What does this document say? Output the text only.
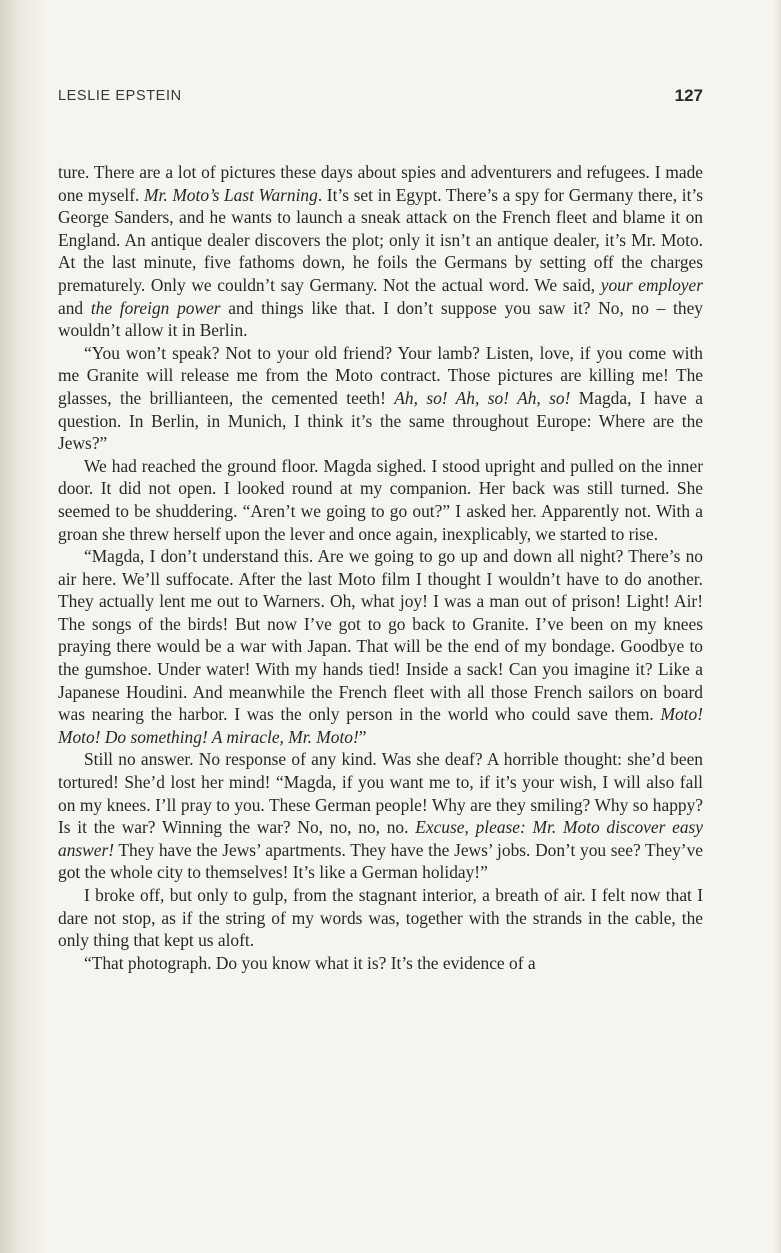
LESLIE EPSTEIN	127

ture. There are a lot of pictures these days about spies and adventurers and refugees. I made one myself. Mr. Moto’s Last Warning. It’s set in Egypt. There’s a spy for Germany there, it’s George Sanders, and he wants to launch a sneak attack on the French fleet and blame it on England. An antique dealer discovers the plot; only it isn’t an antique dealer, it’s Mr. Moto. At the last minute, five fathoms down, he foils the Germans by setting off the charges prematurely. Only we couldn’t say Germany. Not the actual word. We said, your employer and the foreign power and things like that. I don’t suppose you saw it? No, no – they wouldn’t allow it in Berlin.

“You won’t speak? Not to your old friend? Your lamb? Listen, love, if you come with me Granite will release me from the Moto contract. Those pictures are killing me! The glasses, the brillianteen, the cemented teeth! Ah, so! Ah, so! Ah, so! Magda, I have a question. In Berlin, in Munich, I think it’s the same throughout Europe: Where are the Jews?”

We had reached the ground floor. Magda sighed. I stood upright and pulled on the inner door. It did not open. I looked round at my companion. Her back was still turned. She seemed to be shuddering. “Aren’t we going to go out?” I asked her. Apparently not. With a groan she threw herself upon the lever and once again, inexplicably, we started to rise.

“Magda, I don’t understand this. Are we going to go up and down all night? There’s no air here. We’ll suffocate. After the last Moto film I thought I wouldn’t have to do another. They actually lent me out to Warners. Oh, what joy! I was a man out of prison! Light! Air! The songs of the birds! But now I’ve got to go back to Granite. I’ve been on my knees praying there would be a war with Japan. That will be the end of my bondage. Goodbye to the gumshoe. Under water! With my hands tied! Inside a sack! Can you imagine it? Like a Japanese Houdini. And meanwhile the French fleet with all those French sailors on board was nearing the harbor. I was the only person in the world who could save them. Moto! Moto! Do something! A miracle, Mr. Moto!”

Still no answer. No response of any kind. Was she deaf? A horrible thought: she’d been tortured! She’d lost her mind! “Magda, if you want me to, if it’s your wish, I will also fall on my knees. I’ll pray to you. These German people! Why are they smiling? Why so happy? Is it the war? Winning the war? No, no, no, no. Excuse, please: Mr. Moto discover easy answer! They have the Jews’ apartments. They have the Jews’ jobs. Don’t you see? They’ve got the whole city to themselves! It’s like a German holiday!”

I broke off, but only to gulp, from the stagnant interior, a breath of air. I felt now that I dare not stop, as if the string of my words was, together with the strands in the cable, the only thing that kept us aloft.

“That photograph. Do you know what it is? It’s the evidence of a
